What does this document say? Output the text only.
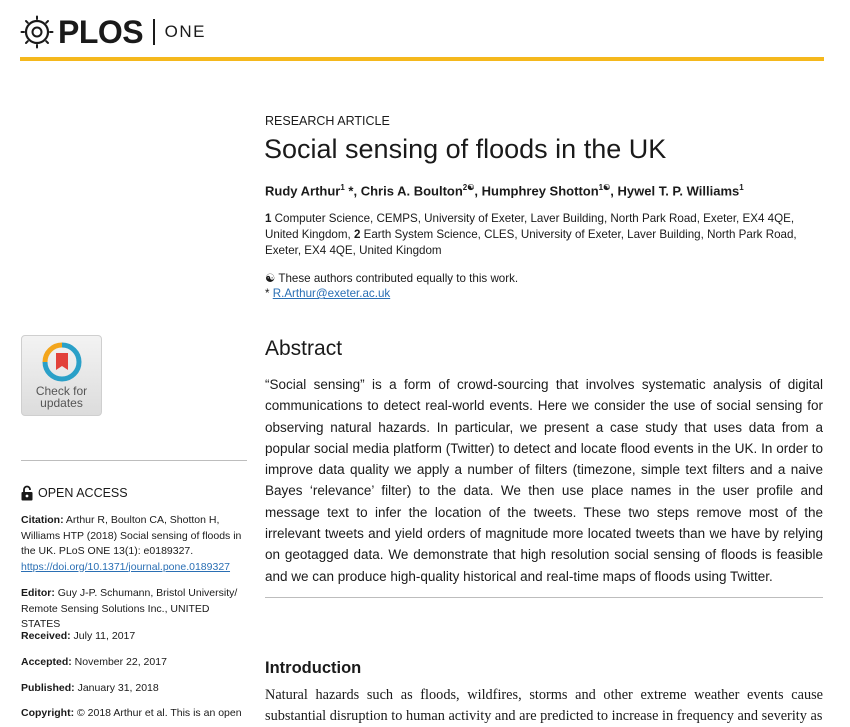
PLOS ONE
RESEARCH ARTICLE
Social sensing of floods in the UK
Rudy Arthur$^1$ *, Chris A. Boulton$^{2☯}$, Humphrey Shotton$^{1☯}$, Hywel T. P. Williams$^1$
1 Computer Science, CEMPS, University of Exeter, Laver Building, North Park Road, Exeter, EX4 4QE, United Kingdom, 2 Earth System Science, CLES, University of Exeter, Laver Building, North Park Road, Exeter, EX4 4QE, United Kingdom
☯ These authors contributed equally to this work.
* R.Arthur@exeter.ac.uk
Abstract
“Social sensing” is a form of crowd-sourcing that involves systematic analysis of digital communications to detect real-world events. Here we consider the use of social sensing for observing natural hazards. In particular, we present a case study that uses data from a popular social media platform (Twitter) to detect and locate flood events in the UK. In order to improve data quality we apply a number of filters (timezone, simple text filters and a naive Bayes ‘relevance’ filter) to the data. We then use place names in the user profile and message text to infer the location of the tweets. These two steps remove most of the irrelevant tweets and yield orders of magnitude more located tweets than we have by relying on geotagged data. We demonstrate that high resolution social sensing of floods is feasible and we can produce high-quality historical and real-time maps of floods using Twitter.
Introduction
Natural hazards such as floods, wildfires, storms and other extreme weather events cause substantial disruption to human activity and are predicted to increase in frequency and severity as
Check for updates
OPEN ACCESS
Citation: Arthur R, Boulton CA, Shotton H, Williams HTP (2018) Social sensing of floods in the UK. PLoS ONE 13(1): e0189327. https://doi.org/10.1371/journal.pone.0189327
Editor: Guy J-P. Schumann, Bristol University/ Remote Sensing Solutions Inc., UNITED STATES
Received: July 11, 2017
Accepted: November 22, 2017
Published: January 31, 2018
Copyright: © 2018 Arthur et al. This is an open
